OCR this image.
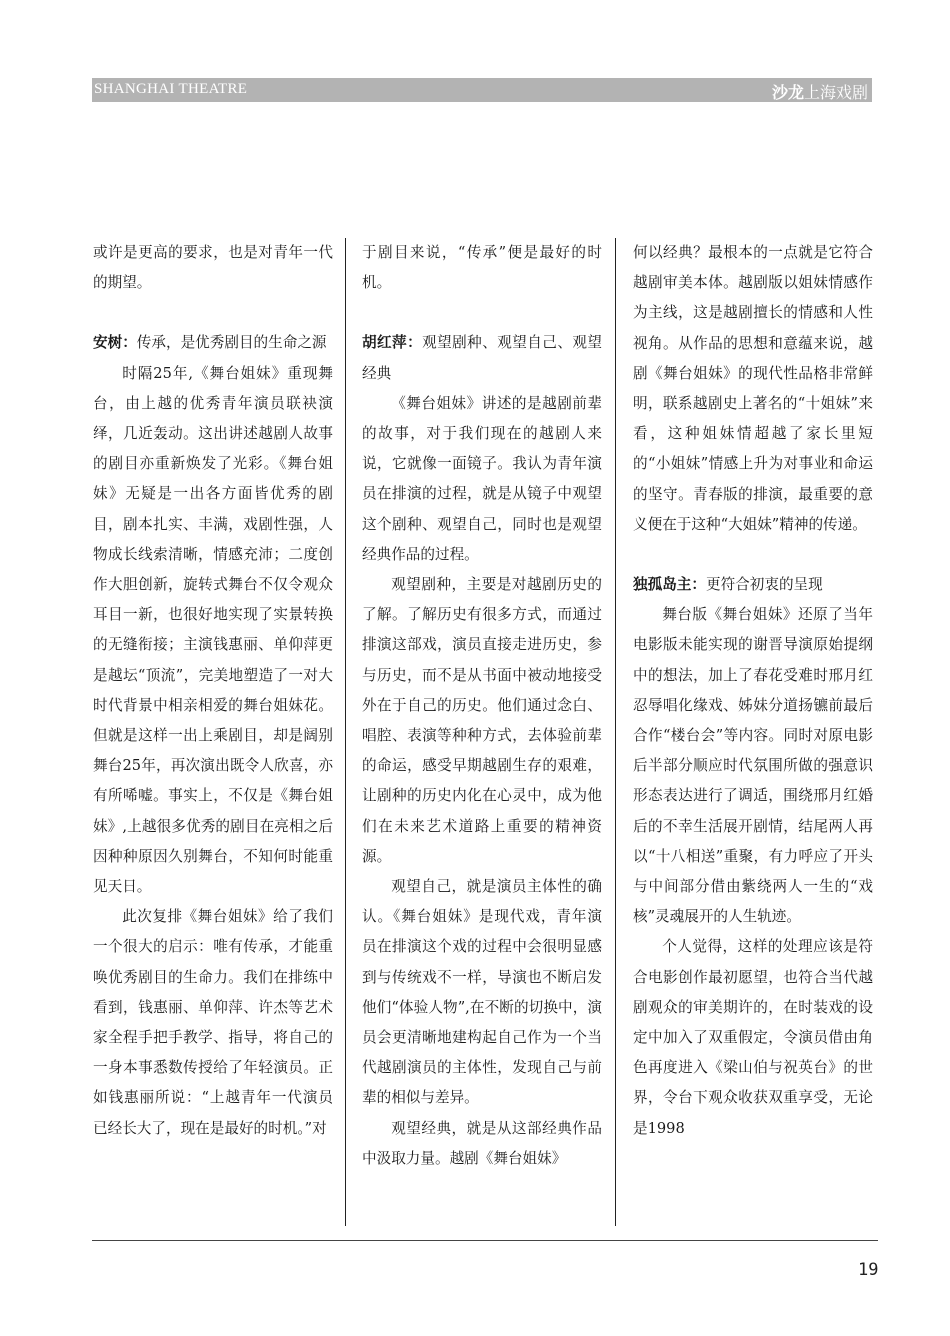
SHANGHAI THEATRE	沙龙上海戏剧

或许是更高的要求，也是对青年一代的期望。

安树：传承，是优秀剧目的生命之源

时隔25年,《舞台姐妹》重现舞台，由上越的优秀青年演员联袂演绎，几近轰动。这出讲述越剧人故事的剧目亦重新焕发了光彩。《舞台姐妹》无疑是一出各方面皆优秀的剧目，剧本扎实、丰满，戏剧性强，人物成长线索清晰，情感充沛；二度创作大胆创新，旋转式舞台不仅令观众耳目一新，也很好地实现了实景转换的无缝衔接；主演钱惠丽、单仰萍更是越坛“顶流”，完美地塑造了一对大时代背景中相亲相爱的舞台姐妹花。但就是这样一出上乘剧目，却是阔别舞台25年，再次演出既令人欣喜，亦有所唏嘘。事实上，不仅是《舞台姐妹》,上越很多优秀的剧目在亮相之后因种种原因久别舞台，不知何时能重见天日。

此次复排《舞台姐妹》给了我们一个很大的启示：唯有传承，才能重唤优秀剧目的生命力。我们在排练中看到，钱惠丽、单仰萍、许杰等艺术家全程手把手教学、指导，将自己的一身本事悉数传授给了年轻演员。正如钱惠丽所说：“上越青年一代演员已经长大了，现在是最好的时机。”对

于剧目来说，“传承”便是最好的时机。

胡红萍：观望剧种、观望自己、观望经典

《舞台姐妹》讲述的是越剧前辈的故事，对于我们现在的越剧人来说，它就像一面镜子。我认为青年演员在排演的过程，就是从镜子中观望这个剧种、观望自己，同时也是观望经典作品的过程。

观望剧种，主要是对越剧历史的了解。了解历史有很多方式，而通过排演这部戏，演员直接走进历史，参与历史，而不是从书面中被动地接受外在于自己的历史。他们通过念白、唱腔、表演等种种方式，去体验前辈的命运，感受早期越剧生存的艰难，让剧种的历史内化在心灵中，成为他们在未来艺术道路上重要的精神资源。

观望自己，就是演员主体性的确认。《舞台姐妹》是现代戏，青年演员在排演这个戏的过程中会很明显感到与传统戏不一样，导演也不断启发他们“体验人物”,在不断的切换中，演员会更清晰地建构起自己作为一个当代越剧演员的主体性，发现自己与前辈的相似与差异。

观望经典，就是从这部经典作品中汲取力量。越剧《舞台姐妹》

何以经典？最根本的一点就是它符合越剧审美本体。越剧版以姐妹情感作为主线，这是越剧擅长的情感和人性视角。从作品的思想和意蕴来说，越剧《舞台姐妹》的现代性品格非常鲜明，联系越剧史上著名的“十姐妹”来看，这种姐妹情超越了家长里短的“小姐妹”情感上升为对事业和命运的坚守。青春版的排演，最重要的意义便在于这种“大姐妹”精神的传递。

独孤岛主：更符合初衷的呈现

舞台版《舞台姐妹》还原了当年电影版未能实现的谢晋导演原始提纲中的想法，加上了春花受难时邢月红忍辱唱化缘戏、姊妹分道扬镳前最后合作“楼台会”等内容。同时对原电影后半部分顺应时代氛围所做的强意识形态表达进行了调适，围绕邢月红婚后的不幸生活展开剧情，结尾两人再以“十八相送”重聚，有力呼应了开头与中间部分借由紫绕两人一生的“戏核”灵魂展开的人生轨迹。

个人觉得，这样的处理应该是符合电影创作最初愿望，也符合当代越剧观众的审美期许的，在时装戏的设定中加入了双重假定，令演员借由角色再度进入《梁山伯与祝英台》的世界，令台下观众收获双重享受，无论是1998

19
